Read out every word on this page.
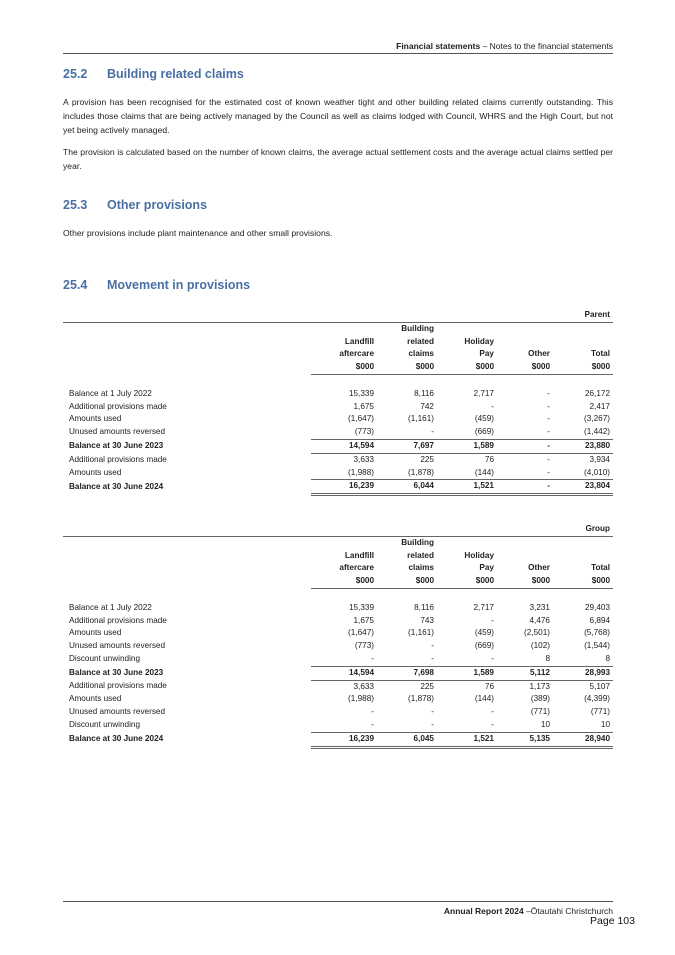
Financial statements – Notes to the financial statements
25.2 Building related claims

A provision has been recognised for the estimated cost of known weather tight and other building related claims currently outstanding. This includes those claims that are being actively managed by the Council as well as claims lodged with Council, WHRS and the High Court, but not yet being actively managed.

The provision is calculated based on the number of known claims, the average actual settlement costs and the average actual claims settled per year.

25.3 Other provisions

Other provisions include plant maintenance and other small provisions.

25.4 Movement in provisions
	Parent				
		Building			
	Landfill	related	Holiday		
	aftercare	claims	Pay	Other	Total
	$000	$000	$000	$000	$000

Balance at 1 July 2022	15,339	8,116	2,717	-	26,172
Additional provisions made	1,675	742	-	-	2,417
Amounts used	(1,647)	(1,161)	(459)	-	(3,267)
Unused amounts reversed	(773)	-	(669)	-	(1,442)
Balance at 30 June 2023	14,594	7,697	1,589	-	23,880
Additional provisions made	3,633	225	76	-	3,934
Amounts used	(1,988)	(1,878)	(144)	-	(4,010)
Balance at 30 June 2024	16,239	6,044	1,521	-	23,804
	Group				
		Building			
	Landfill	related	Holiday		
	aftercare	claims	Pay	Other	Total
	$000	$000	$000	$000	$000

Balance at 1 July 2022	15,339	8,116	2,717	3,231	29,403
Additional provisions made	1,675	743	-	4,476	6,894
Amounts used	(1,647)	(1,161)	(459)	(2,501)	(5,768)
Unused amounts reversed	(773)	-	(669)	(102)	(1,544)
Discount unwinding	-	-	-	8	8
Balance at 30 June 2023	14,594	7,698	1,589	5,112	28,993
Additional provisions made	3,633	225	76	1,173	5,107
Amounts used	(1,988)	(1,878)	(144)	(389)	(4,399)
Unused amounts reversed	-	-	-	(771)	(771)
Discount unwinding	-	-	-	10	10
Balance at 30 June 2024	16,239	6,045	1,521	5,135	28,940
Annual Report 2024 –Ōtautahi Christchurch
Page 103
